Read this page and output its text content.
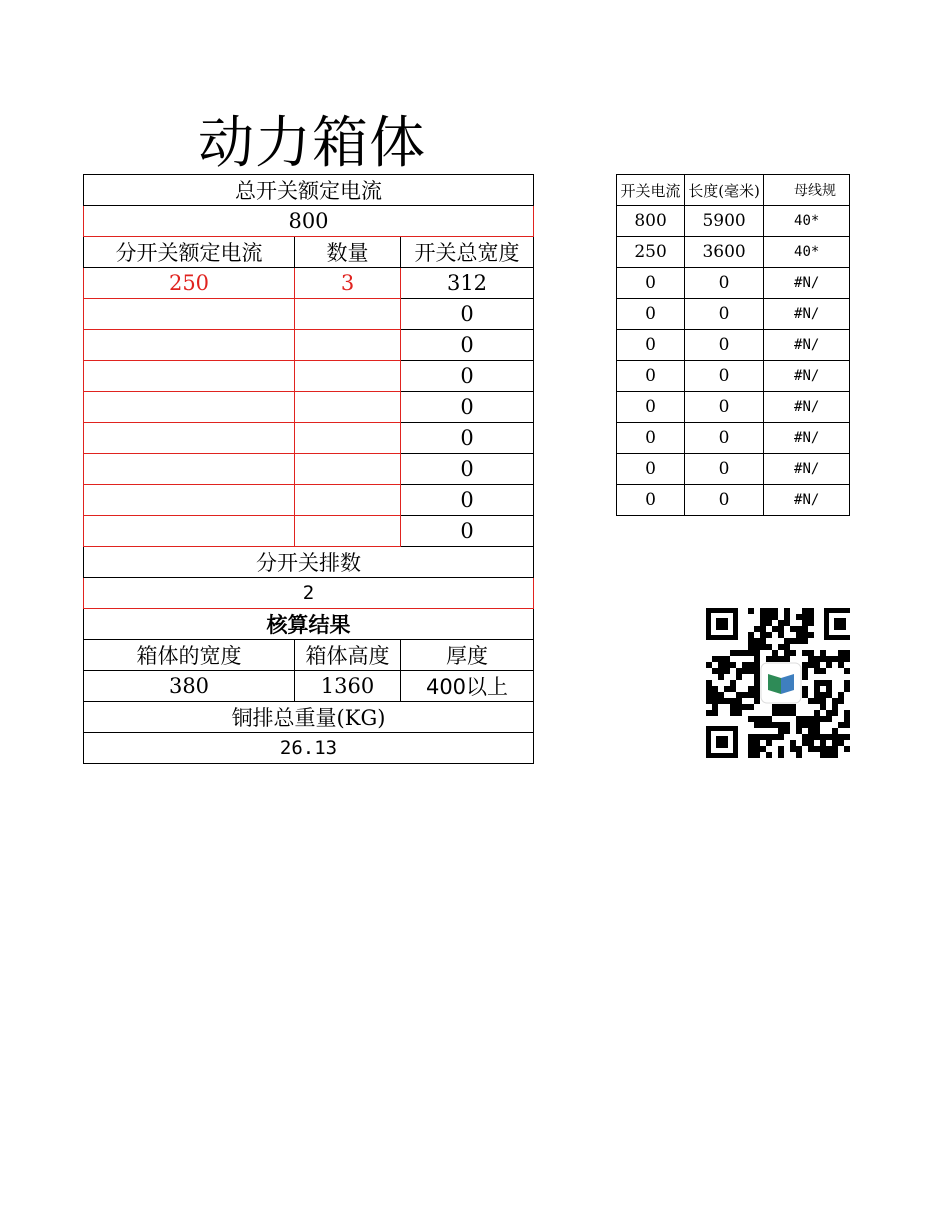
动力箱体
总开关额定电流		
800		
分开关额定电流	数量	开关总宽度
250	3	312
		0
		0
		0
		0
		0
		0
		0
		0
分开关排数		
2		
核算结果		
箱体的宽度	箱体高度	厚度
380	1360	400以上
铜排总重量(KG)		
26.13		
开关电流	长度(毫米)	母线规
800	5900	40*
250	3600	40*
0	0	#N/
0	0	#N/
0	0	#N/
0	0	#N/
0	0	#N/
0	0	#N/
0	0	#N/
0	0	#N/
